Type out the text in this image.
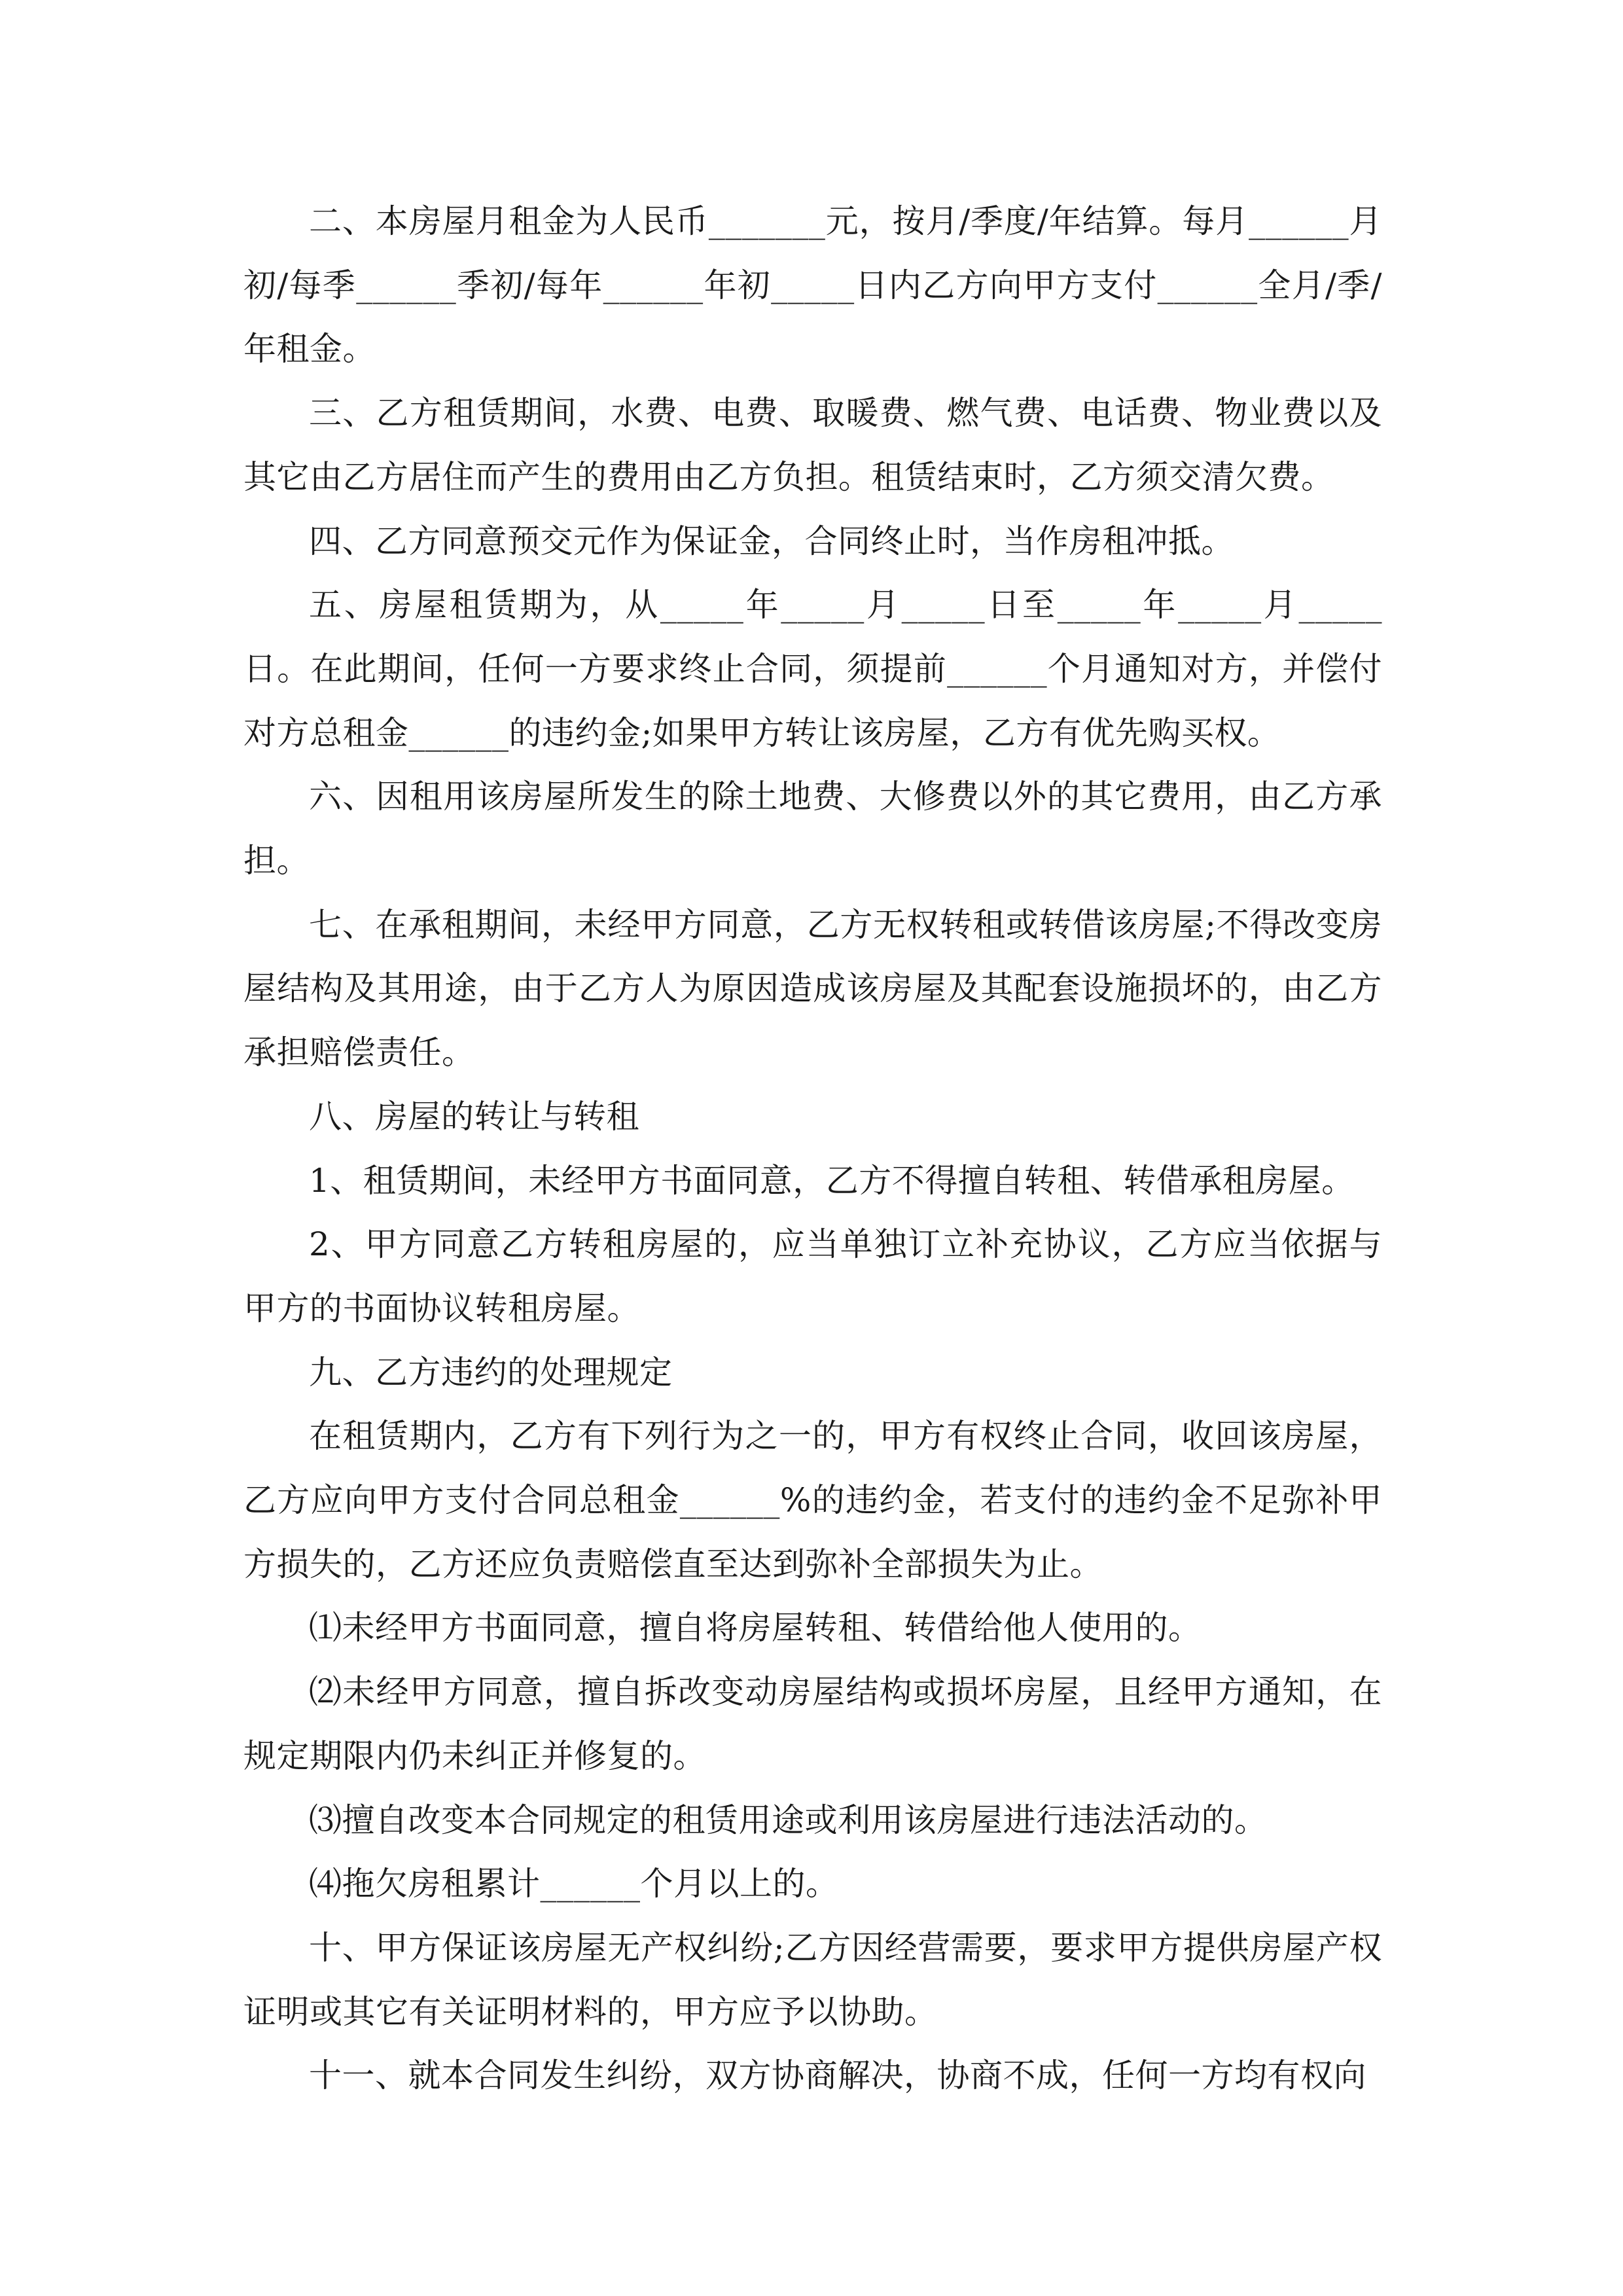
二、本房屋月租金为人民币_______元，按月/季度/年结算。每月______月初/每季______季初/每年______年初_____日内乙方向甲方支付______全月/季/年租金。

三、乙方租赁期间，水费、电费、取暖费、燃气费、电话费、物业费以及其它由乙方居住而产生的费用由乙方负担。租赁结束时，乙方须交清欠费。

四、乙方同意预交元作为保证金，合同终止时，当作房租冲抵。

五、房屋租赁期为，从_____年_____月_____日至_____年_____月_____日。在此期间，任何一方要求终止合同，须提前______个月通知对方，并偿付对方总租金______的违约金;如果甲方转让该房屋，乙方有优先购买权。

六、因租用该房屋所发生的除土地费、大修费以外的其它费用，由乙方承担。

七、在承租期间，未经甲方同意，乙方无权转租或转借该房屋;不得改变房屋结构及其用途，由于乙方人为原因造成该房屋及其配套设施损坏的，由乙方承担赔偿责任。

八、房屋的转让与转租

1、租赁期间，未经甲方书面同意，乙方不得擅自转租、转借承租房屋。

2、甲方同意乙方转租房屋的，应当单独订立补充协议，乙方应当依据与甲方的书面协议转租房屋。

九、乙方违约的处理规定

在租赁期内，乙方有下列行为之一的，甲方有权终止合同，收回该房屋，乙方应向甲方支付合同总租金______%的违约金，若支付的违约金不足弥补甲方损失的，乙方还应负责赔偿直至达到弥补全部损失为止。

⑴未经甲方书面同意，擅自将房屋转租、转借给他人使用的。

⑵未经甲方同意，擅自拆改变动房屋结构或损坏房屋，且经甲方通知，在规定期限内仍未纠正并修复的。

⑶擅自改变本合同规定的租赁用途或利用该房屋进行违法活动的。

⑷拖欠房租累计______个月以上的。

十、甲方保证该房屋无产权纠纷;乙方因经营需要，要求甲方提供房屋产权证明或其它有关证明材料的，甲方应予以协助。

十一、就本合同发生纠纷，双方协商解决，协商不成，任何一方均有权向
